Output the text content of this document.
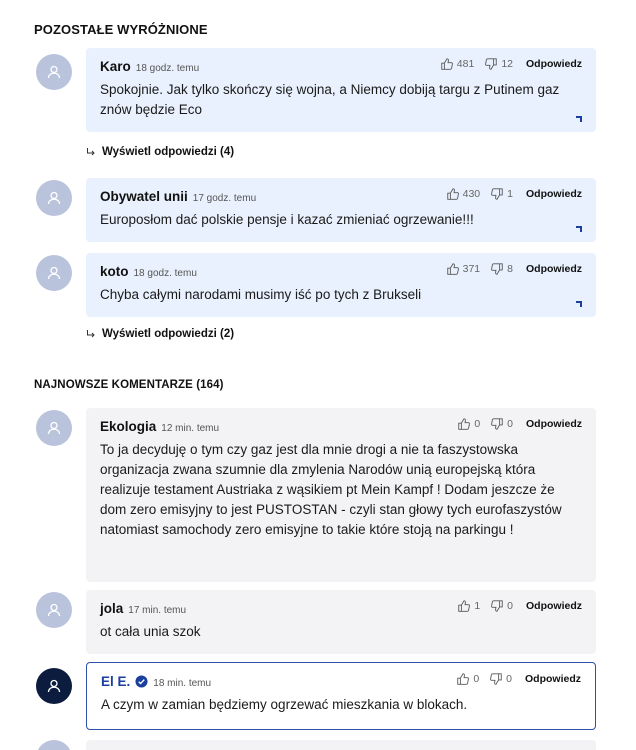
POZOSTAŁE WYRÓŻNIONE
Karo 18 godz. temu	481	12 Odpowiedz
Spokojnie. Jak tylko skończy się wojna, a Niemcy dobiją targu z Putinem gaz znów będzie Eco
Wyświetl odpowiedzi (4)
Obywatel unii 17 godz. temu	430	1 Odpowiedz
Europosłom dać polskie pensje i kazać zmieniać ogrzewanie!!!
koto 18 godz. temu	371	8 Odpowiedz
Chyba całymi narodami musimy iść po tych z Brukseli
Wyświetl odpowiedzi (2)
NAJNOWSZE KOMENTARZE (164)
Ekologia 12 min. temu	0	0 Odpowiedz
To ja decyduję o tym czy gaz jest dla mnie drogi a nie ta faszystowska organizacja zwana szumnie dla zmylenia Narodów unią europejską która realizuje testament Austriaka z wąsikiem pt Mein Kampf ! Dodam jeszcze że dom zero emisyjny to jest PUSTOSTAN - czyli stan głowy tych eurofaszystów natomiast samochody zero emisyjne to takie które stoją na parkingu !
jola 17 min. temu	1	0 Odpowiedz
ot cała unia szok
El E. 18 min. temu	0	0 Odpowiedz
A czym w zamian będziemy ogrzewać mieszkania w blokach.
